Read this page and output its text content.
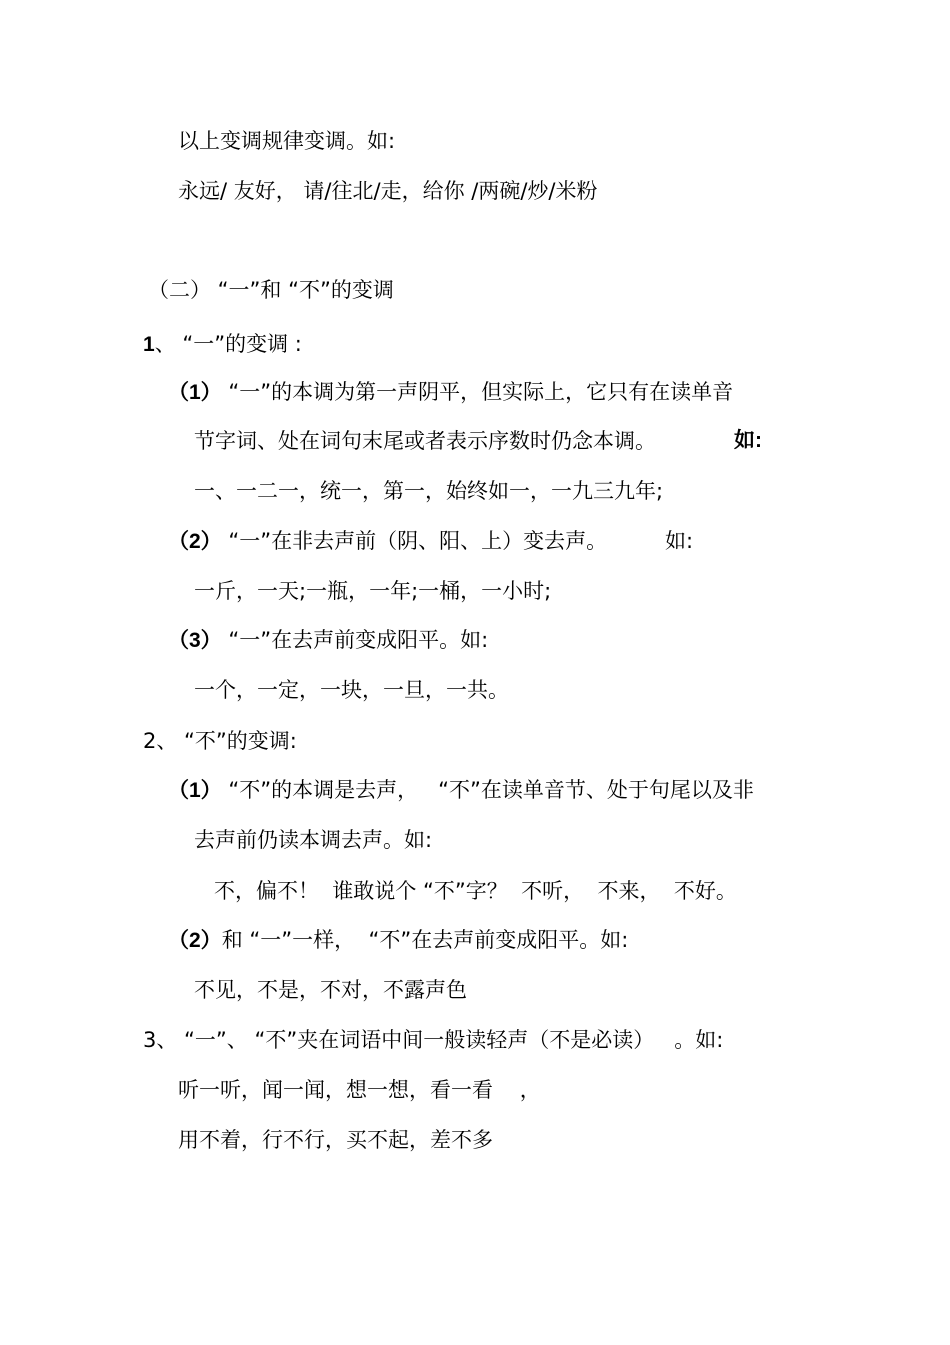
以上变调规律变调。如:
永远/ 友好， 请/往北/走，给你 /两碗/炒/米粉
（二） “一”和 “不”的变调
1、 “一”的变调 :
（1） “一”的本调为第一声阴平，但实际上，它只有在读单音
节字词、处在词句末尾或者表示序数时仍念本调。	如:
一、一二一，统一，第一，始终如一，一九三九年;
（2） “一”在非去声前（阴、阳、上）变去声。	如:
一斤，一天;一瓶，一年;一桶，一小时;
（3） “一”在去声前变成阳平。如:
一个，一定，一块，一旦，一共。
2、 “不”的变调:
（1） “不”的本调是去声，   “不”在读单音节、处于句尾以及非
去声前仍读本调去声。如:
不，偏不！  谁敢说个 “不”字？  不听，  不来，  不好。
（2）和 “一”一样，  “不”在去声前变成阳平。如:
不见，不是，不对，不露声色
3、 “一”、 “不”夹在词语中间一般读轻声（不是必读）   。如:
听一听，闻一闻，想一想，看一看    ，
用不着，行不行，买不起，差不多
